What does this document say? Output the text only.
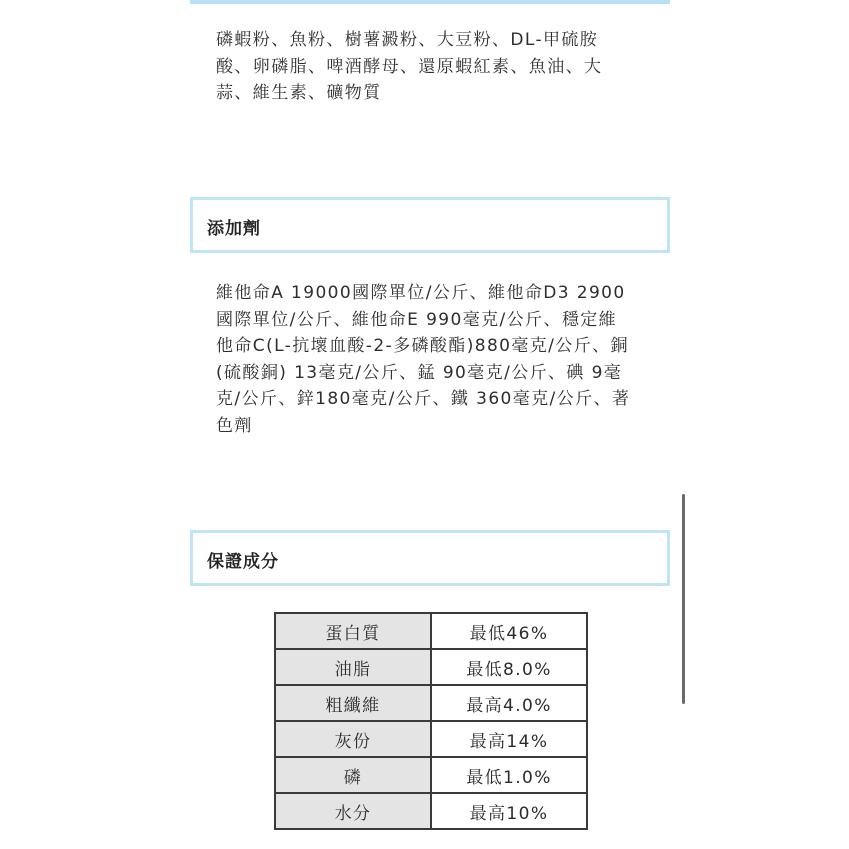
磷蝦粉、魚粉、樹薯澱粉、大豆粉、DL-甲硫胺
酸、卵磷脂、啤酒酵母、還原蝦紅素、魚油、大
蒜、維生素、礦物質
添加劑
維他命A 19000國際單位/公斤、維他命D3 2900
國際單位/公斤、維他命E 990毫克/公斤、穩定維
他命C(L-抗壞血酸-2-多磷酸酯)880毫克/公斤、銅
(硫酸銅) 13毫克/公斤、錳 90毫克/公斤、碘 9毫
克/公斤、鋅180毫克/公斤、鐵 360毫克/公斤、著
色劑
保證成分
蛋白質	最低46%
油脂	最低8.0%
粗纖維	最高4.0%
灰份	最高14%
磷	最低1.0%
水分	最高10%
